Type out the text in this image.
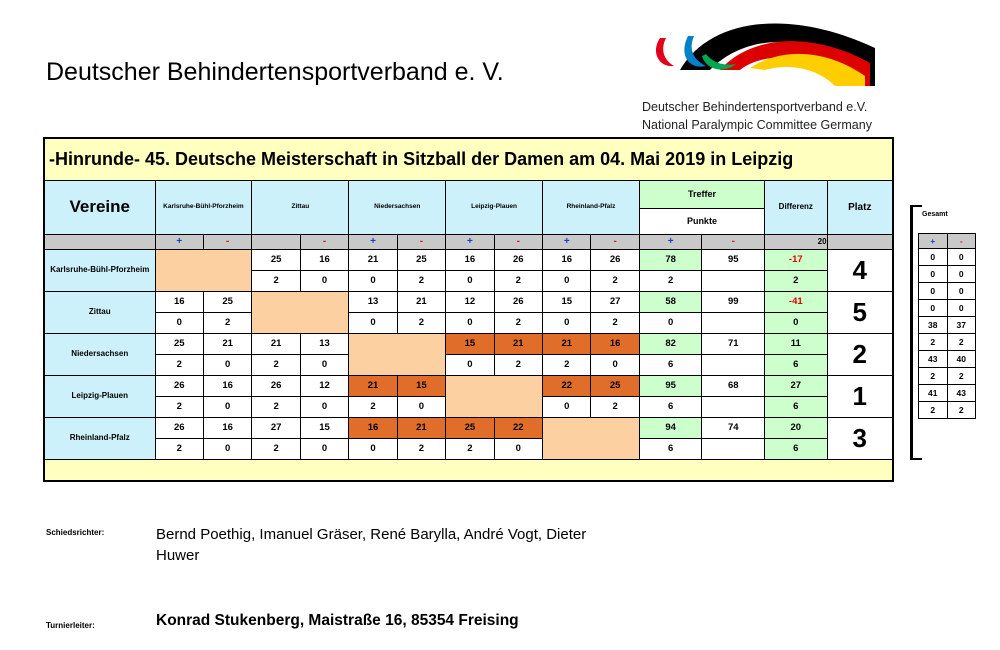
Deutscher Behindertensportverband e. V.
Deutscher Behindertensportverband e.V.
National Paralympic Committee Germany
-Hinrunde- 45. Deutsche Meisterschaft in Sitzball der Damen am 04. Mai 2019 in Leipzig														
Vereine	Karlsruhe-Bühl-Pforzheim		Zittau		Niedersachsen		Leipzig-Plauen		Rheinland-Pfalz		Treffer		Differenz	Platz
											Punkte			
	+	-		-	+	-	+	-	+	-	+	-	20	
Karlsruhe-Bühl-Pforzheim			25	16	21	25	16	26	16	26	78	95	-17	4
			2	0	0	2	0	2	0	2	2		2	
Zittau	16	25			13	21	12	26	15	27	58	99	-41	5
	0	2			0	2	0	2	0	2	0		0	
Niedersachsen	25	21	21	13			15	21	21	16	82	71	11	2
	2	0	2	0			0	2	2	0	6		6	
Leipzig-Plauen	26	16	26	12	21	15			22	25	95	68	27	1
	2	0	2	0	2	0			0	2	6		6	
Rheinland-Pfalz	26	16	27	15	16	21	25	22			94	74	20	3
	2	0	2	0	0	2	2	0			6		6	

Gesamt
+	-
0	0
0	0
0	0
0	0
38	37
2	2
43	40
2	2
41	43
2	2
Schiedsrichter:	Bernd Poethig, Imanuel Gräser, René Barylla, André Vogt, Dieter Huwer
Turnierleiter:	Konrad Stukenberg, Maistraße 16, 85354 Freising
